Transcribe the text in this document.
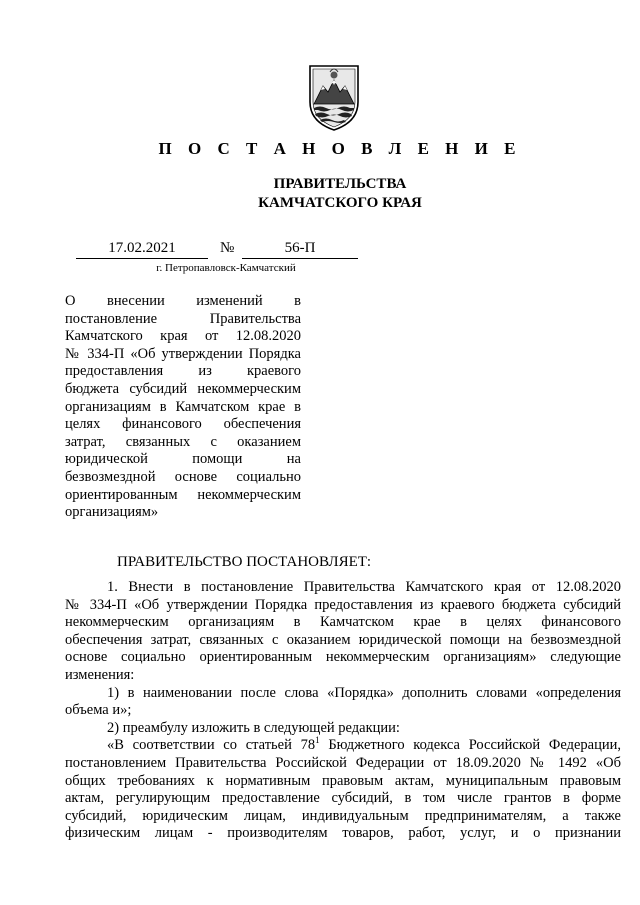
П О С Т А Н О В Л Е Н И Е
ПРАВИТЕЛЬСТВА
КАМЧАТСКОГО КРАЯ
17.02.2021	№	56-П
г. Петропавловск-Камчатский
О внесении изменений в
постановление Правительства
Камчатского края от 12.08.2020
№ 334-П «Об утверждении Порядка
предоставления из краевого
бюджета субсидий некоммерческим
организациям в Камчатском крае в
целях финансового обеспечения
затрат, связанных с оказанием
юридической помощи на
безвозмездной основе социально
ориентированным некоммерческим
организациям»
ПРАВИТЕЛЬСТВО ПОСТАНОВЛЯЕТ:
1. Внести в постановление Правительства Камчатского края от 12.08.2020
№ 334-П «Об утверждении Порядка предоставления из краевого бюджета субсидий
некоммерческим организациям в Камчатском крае в целях финансового
обеспечения затрат, связанных с оказанием юридической помощи на безвозмездной
основе социально ориентированным некоммерческим организациям» следующие
изменения:
1) в наименовании после слова «Порядка» дополнить словами «определения
объема и»;
2) преамбулу изложить в следующей редакции:
«В соответствии со статьей $78^1$ Бюджетного кодекса Российской Федерации,
постановлением Правительства Российской Федерации от 18.09.2020 № 1492 «Об
общих требованиях к нормативным правовым актам, муниципальным правовым
актам, регулирующим предоставление субсидий, в том числе грантов в форме
субсидий, юридическим лицам, индивидуальным предпринимателям, а также
физическим лицам - производителям товаров, работ, услуг, и о признании
